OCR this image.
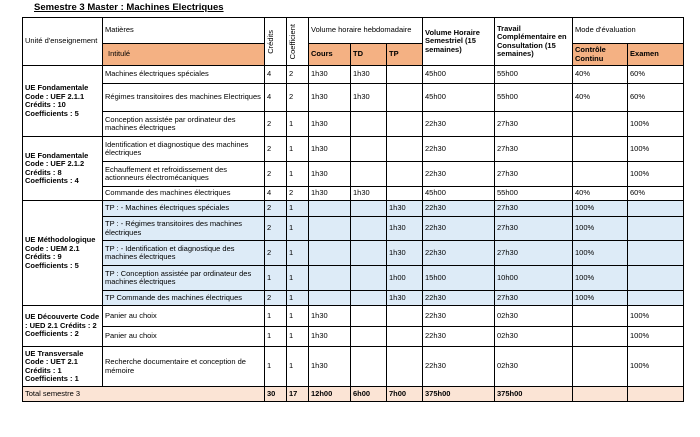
Semestre 3 Master : Machines Electriques
Unité d'enseignement	Matières	Crédits	Coefficient	Volume horaire hebdomadaire			Volume Horaire Semestriel (15 semaines)	Travail Complémentaire en Consultation (15 semaines)	Mode d'évaluation	
	Intitulé			Cours	TD	TP			Contrôle Continu	Examen
UE Fondamentale Code : UEF 2.1.1 Crédits : 10 Coefficients : 5	Machines électriques spéciales	4	2	1h30	1h30		45h00	55h00	40%	60%
	Régimes transitoires des machines Electriques	4	2	1h30	1h30		45h00	55h00	40%	60%
	Conception assistée par ordinateur des machines électriques	2	1	1h30			22h30	27h30		100%
UE Fondamentale Code : UEF 2.1.2 Crédits : 8 Coefficients : 4	Identification et diagnostique des machines électriques	2	1	1h30			22h30	27h30		100%
	Echauffement et refroidissement des actionneurs électromécaniques	2	1	1h30			22h30	27h30		100%
	Commande des machines électriques	4	2	1h30	1h30		45h00	55h00	40%	60%
UE Méthodologique Code : UEM 2.1 Crédits : 9 Coefficients : 5	TP : - Machines électriques spéciales	2	1			1h30	22h30	27h30	100%	
	TP : - Régimes transitoires des machines électriques	2	1			1h30	22h30	27h30	100%	
	TP : - Identification et diagnostique des machines électriques	2	1			1h30	22h30	27h30	100%	
	TP : Conception assistée par ordinateur des machines électriques	1	1			1h00	15h00	10h00	100%	
	TP Commande des machines électriques	2	1			1h30	22h30	27h30	100%	
UE Découverte Code : UED 2.1 Crédits : 2 Coefficients : 2	Panier au choix	1	1	1h30			22h30	02h30		100%
	Panier au choix	1	1	1h30			22h30	02h30		100%
UE Transversale Code : UET 2.1 Crédits : 1 Coefficients : 1	Recherche documentaire et conception de mémoire	1	1	1h30			22h30	02h30		100%
Total semestre 3		30	17	12h00	6h00	7h00	375h00	375h00		
